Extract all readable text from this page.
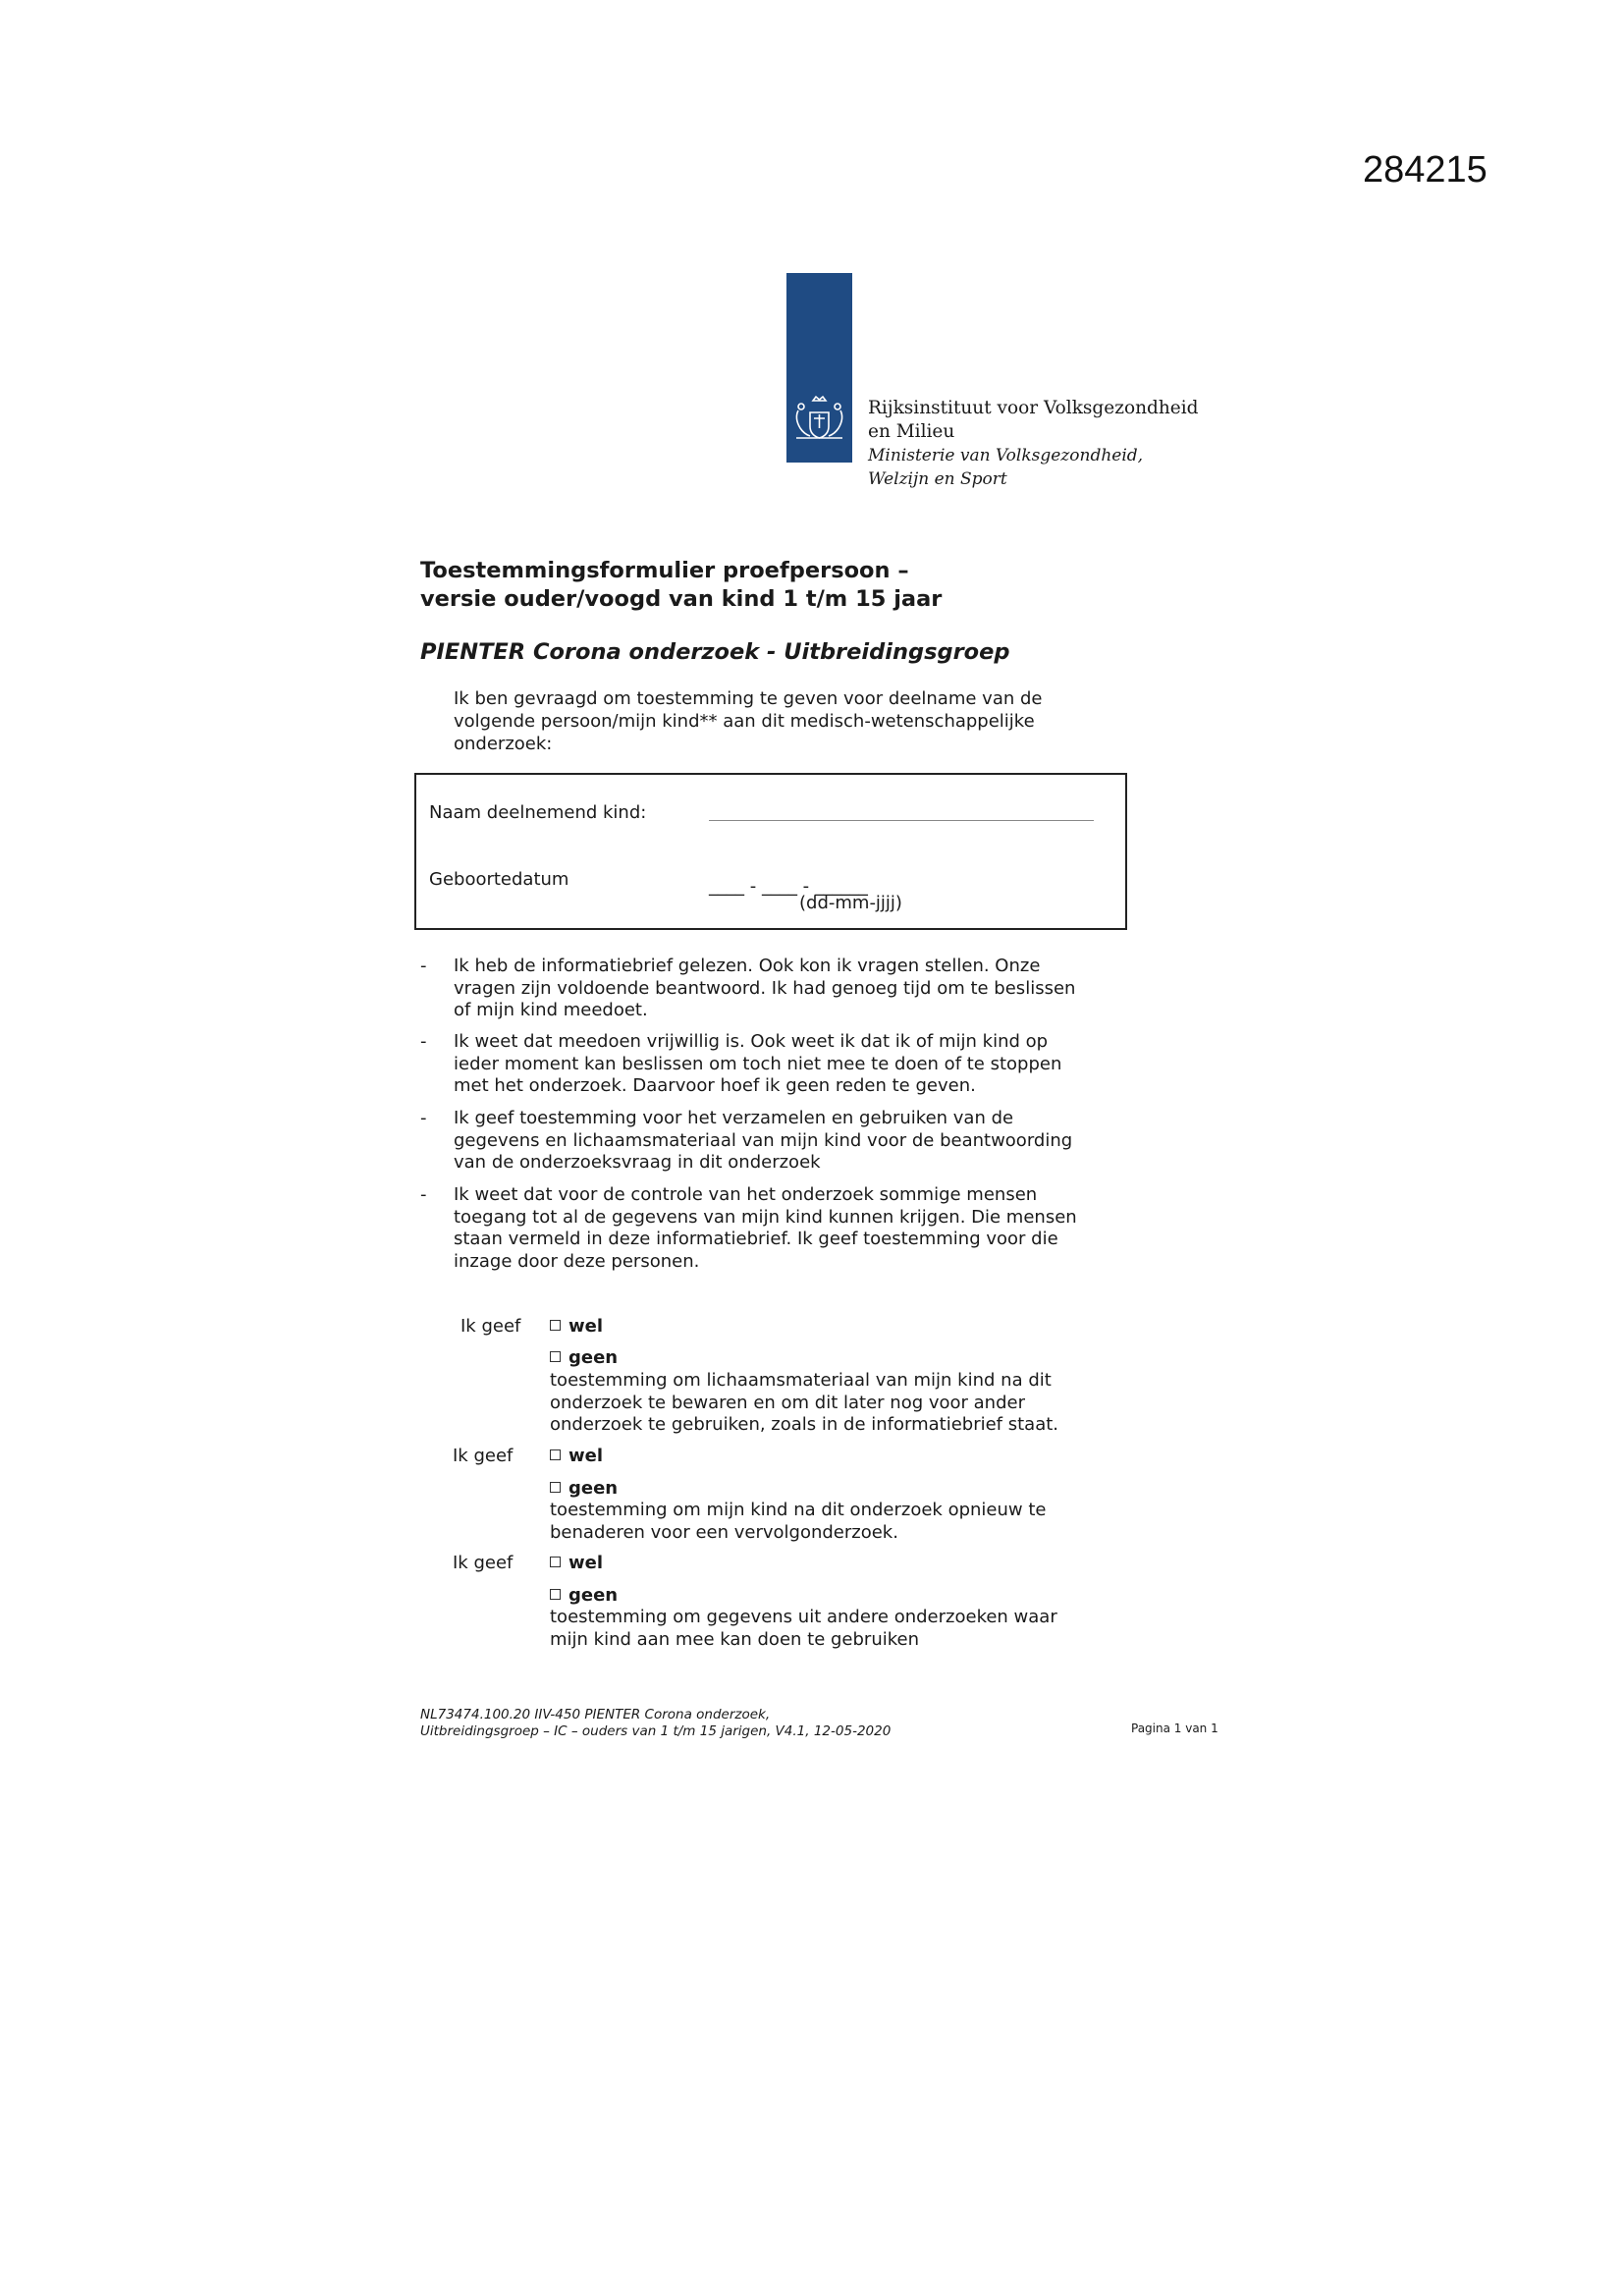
284215
Rijksinstituut voor Volksgezondheid
en Milieu
Ministerie van Volksgezondheid,
Welzijn en Sport
Toestemmingsformulier proefpersoon –
versie ouder/voogd van kind 1 t/m 15 jaar
PIENTER Corona onderzoek - Uitbreidingsgroep
Ik ben gevraagd om toestemming te geven voor deelname van de
volgende persoon/mijn kind** aan dit medisch-wetenschappelijke
onderzoek:
Naam deelnemend kind:
Geboortedatum	____ - ____ - ______
(dd-mm-jjjj)
-	Ik heb de informatiebrief gelezen. Ook kon ik vragen stellen. Onze
vragen zijn voldoende beantwoord. Ik had genoeg tijd om te beslissen
of mijn kind meedoet.
-	Ik weet dat meedoen vrijwillig is. Ook weet ik dat ik of mijn kind op
ieder moment kan beslissen om toch niet mee te doen of te stoppen
met het onderzoek. Daarvoor hoef ik geen reden te geven.
-	Ik geef toestemming voor het verzamelen en gebruiken van de
gegevens en lichaamsmateriaal van mijn kind voor de beantwoording
van de onderzoeksvraag in dit onderzoek
-	Ik weet dat voor de controle van het onderzoek sommige mensen
toegang tot al de gegevens van mijn kind kunnen krijgen. Die mensen
staan vermeld in deze informatiebrief. Ik geef toestemming voor die
inzage door deze personen.
Ik geef	wel
geen
toestemming om lichaamsmateriaal van mijn kind na dit
onderzoek te bewaren en om dit later nog voor ander
onderzoek te gebruiken, zoals in de informatiebrief staat.
Ik geef	wel
geen
toestemming om mijn kind na dit onderzoek opnieuw te
benaderen voor een vervolgonderzoek.
Ik geef	wel
geen
toestemming om gegevens uit andere onderzoeken waar
mijn kind aan mee kan doen te gebruiken
NL73474.100.20 IIV-450 PIENTER Corona onderzoek,
Uitbreidingsgroep – IC – ouders van 1 t/m 15 jarigen, V4.1, 12-05-2020	Pagina 1 van 1
